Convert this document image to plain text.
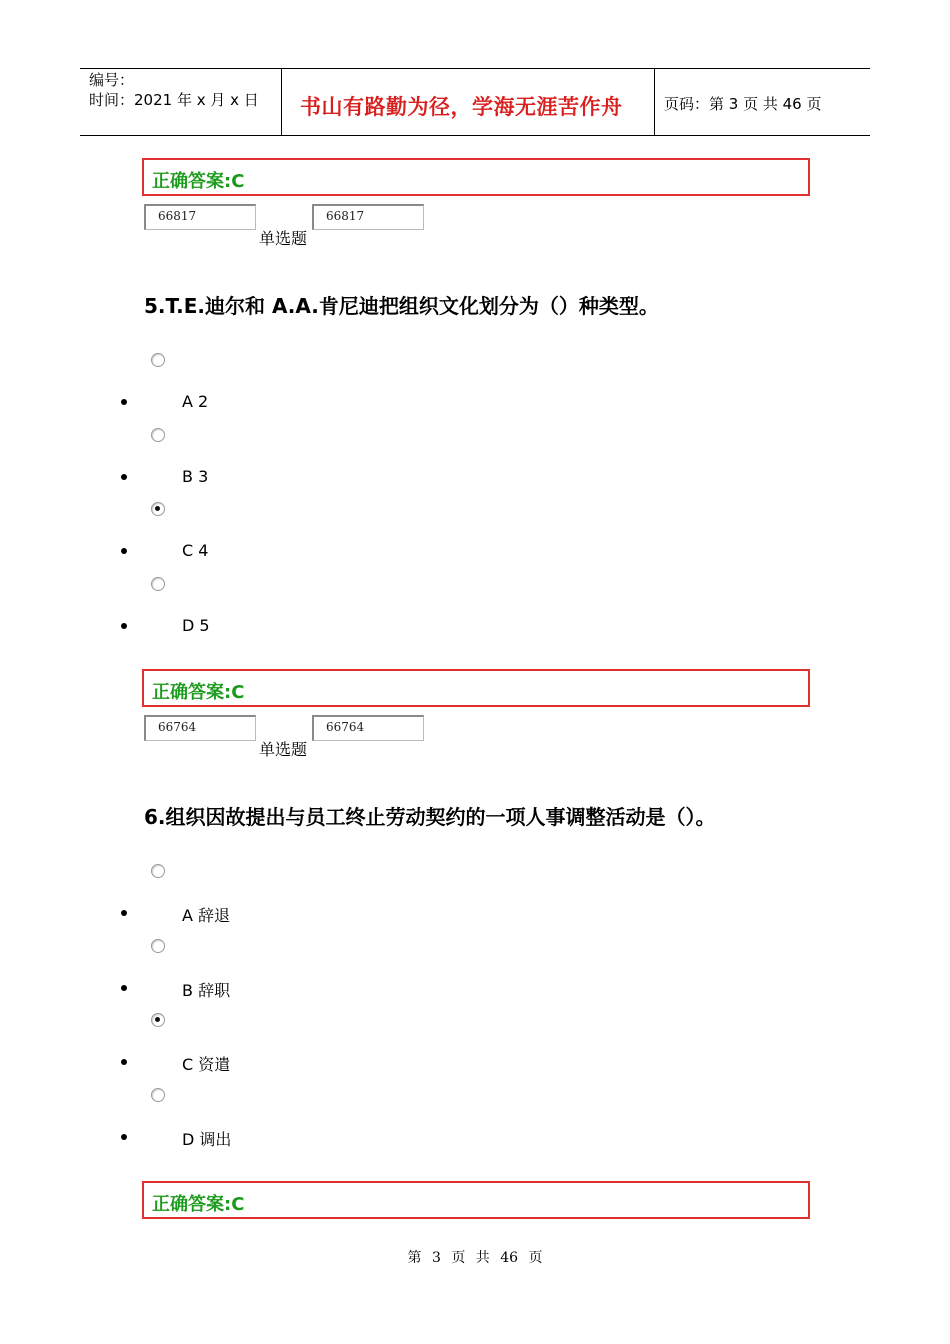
编号：
时间：2021 年 x 月 x 日 书山有路勤为径，学海无涯苦作舟	页码：第 3 页 共 46 页
正确答案:C
66817
单选题
66817
5.T.E.迪尔和 A.A.肯尼迪把组织文化划分为（）种类型。
A 2
B 3
C 4
D 5
正确答案:C
66764
单选题
66764
6.组织因故提出与员工终止劳动契约的一项人事调整活动是（）。
A 辞退
B 辞职
C 资遣
D 调出
正确答案:C
第 3 页 共 46 页
